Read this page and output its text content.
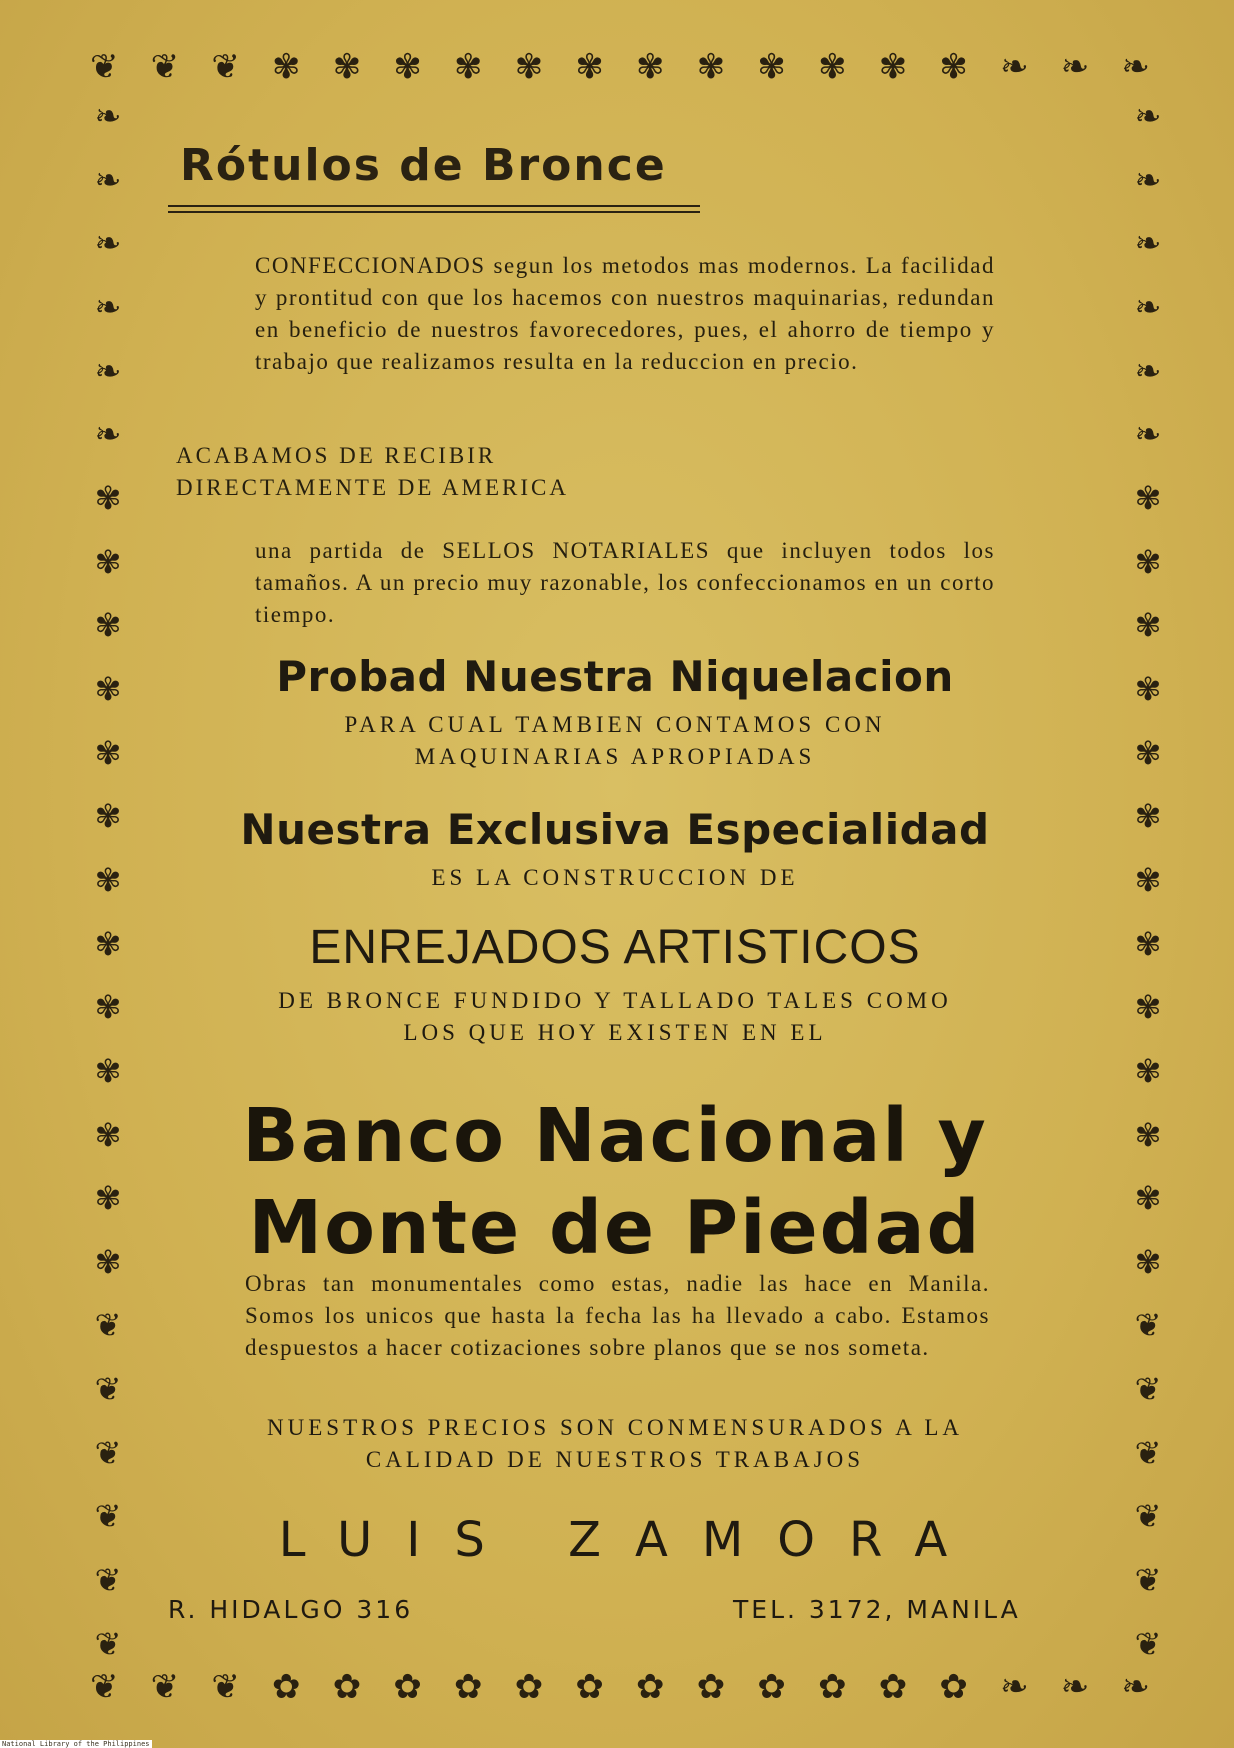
❦ ❦ ❦ ✾ ✾ ✾ ✾ ✾ ✾ ✾ ✾ ✾ ✾ ✾ ✾ ❧ ❧ ❧
❦ ❦ ❦ ✿ ✿ ✿ ✿ ✿ ✿ ✿ ✿ ✿ ✿ ✿ ✿ ❧ ❧ ❧
❧
❧
❧
❧
❧
❧
✾
✾
✾
✾
✾
✾
✾
✾
✾
✾
✾
✾
✾
❦
❦
❦
❦
❦
❦
❧
❧
❧
❧
❧
❧
✾
✾
✾
✾
✾
✾
✾
✾
✾
✾
✾
✾
✾
❦
❦
❦
❦
❦
❦
Rótulos de Bronce
CONFECCIONADOS segun los metodos mas modernos. La facilidad y prontitud con que los hacemos con nuestros maquinarias, redundan en beneficio de nuestros favorecedores, pues, el ahorro de tiempo y trabajo que realizamos resulta en la reduccion en precio.
ACABAMOS DE RECIBIR
DIRECTAMENTE DE AMERICA
una partida de SELLOS NOTARIALES que incluyen todos los tamaños. A un precio muy razonable, los confeccionamos en un corto tiempo.
Probad Nuestra Niquelacion
PARA CUAL TAMBIEN CONTAMOS CON
MAQUINARIAS APROPIADAS
Nuestra Exclusiva Especialidad
ES LA CONSTRUCCION DE
ENREJADOS ARTISTICOS
DE BRONCE FUNDIDO Y TALLADO TALES COMO
LOS QUE HOY EXISTEN EN EL
Banco Nacional y
Monte de Piedad
Obras tan monumentales como estas, nadie las hace en Manila. Somos los unicos que hasta la fecha las ha llevado a cabo. Estamos despuestos a hacer cotizaciones sobre planos que se nos someta.
NUESTROS PRECIOS SON CONMENSURADOS A LA
CALIDAD DE NUESTROS TRABAJOS
LUIS ZAMORA
R. HIDALGO 316	TEL. 3172, MANILA
National Library of the Philippines
